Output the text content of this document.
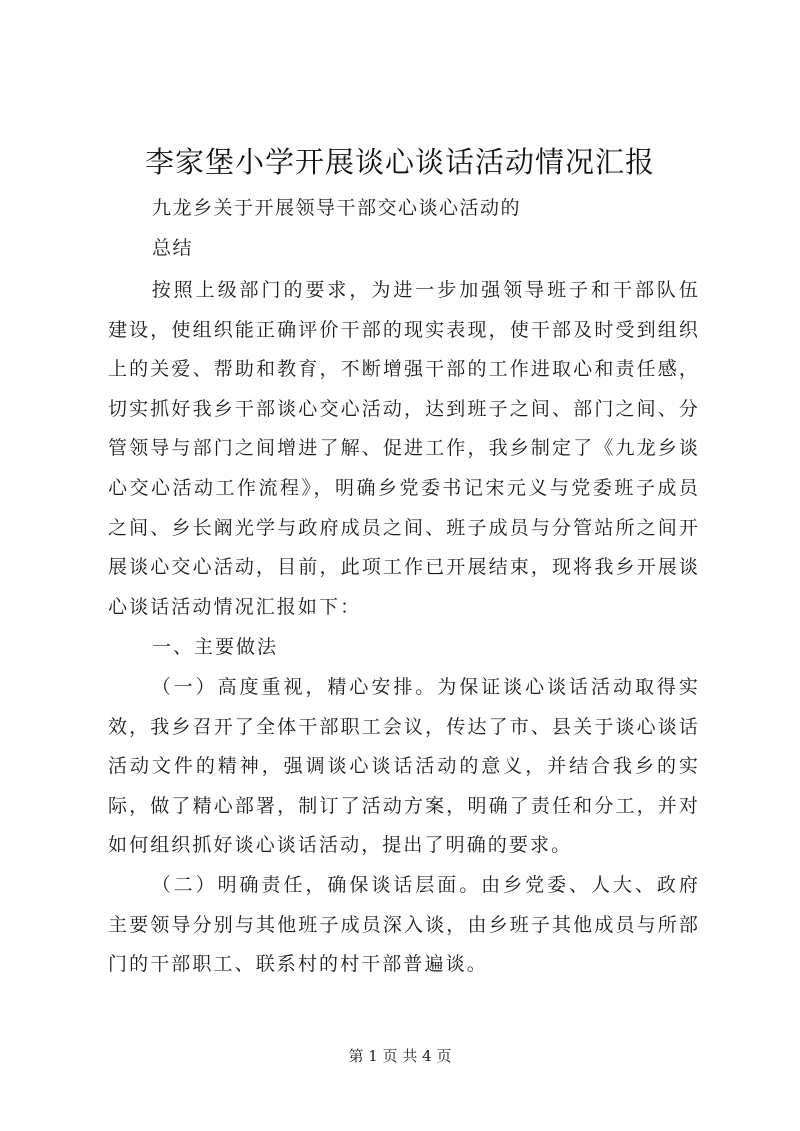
李家堡小学开展谈心谈话活动情况汇报
九龙乡关于开展领导干部交心谈心活动的
总结

按照上级部门的要求，为进一步加强领导班子和干部队伍建设，使组织能正确评价干部的现实表现，使干部及时受到组织上的关爱、帮助和教育，不断增强干部的工作进取心和责任感，切实抓好我乡干部谈心交心活动，达到班子之间、部门之间、分管领导与部门之间增进了解、促进工作，我乡制定了《九龙乡谈心交心活动工作流程》，明确乡党委书记宋元义与党委班子成员之间、乡长阚光学与政府成员之间、班子成员与分管站所之间开展谈心交心活动，目前，此项工作已开展结束，现将我乡开展谈心谈话活动情况汇报如下：

一、主要做法

（一）高度重视，精心安排。为保证谈心谈话活动取得实效，我乡召开了全体干部职工会议，传达了市、县关于谈心谈话活动文件的精神，强调谈心谈话活动的意义，并结合我乡的实际，做了精心部署，制订了活动方案，明确了责任和分工，并对如何组织抓好谈心谈话活动，提出了明确的要求。

（二）明确责任，确保谈话层面。由乡党委、人大、政府主要领导分别与其他班子成员深入谈，由乡班子其他成员与所部门的干部职工、联系村的村干部普遍谈。

第 1 页 共 4 页
